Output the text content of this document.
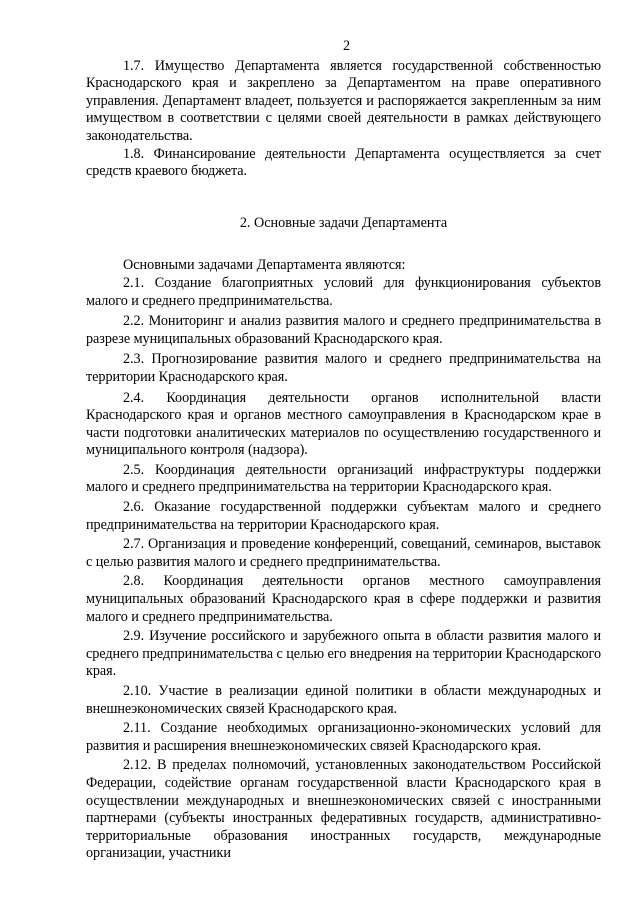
2

1.7. Имущество Департамента является государственной собственностью Краснодарского края и закреплено за Департаментом на праве оперативного управления. Департамент владеет, пользуется и распоряжается закрепленным за ним имуществом в соответствии с целями своей деятельности в рамках действующего законодательства.

1.8. Финансирование деятельности Департамента осуществляется за счет средств краевого бюджета.

2. Основные задачи Департамента

Основными задачами Департамента являются:

2.1. Создание благоприятных условий для функционирования субъектов малого и среднего предпринимательства.

2.2. Мониторинг и анализ развития малого и среднего предпринимательства в разрезе муниципальных образований Краснодарского края.

2.3. Прогнозирование развития малого и среднего предпринимательства на территории Краснодарского края.

2.4. Координация деятельности органов исполнительной власти Краснодарского края и органов местного самоуправления в Краснодарском крае в части подготовки аналитических материалов по осуществлению государственного и муниципального контроля (надзора).

2.5. Координация деятельности организаций инфраструктуры поддержки малого и среднего предпринимательства на территории Краснодарского края.

2.6. Оказание государственной поддержки субъектам малого и среднего предпринимательства на территории Краснодарского края.

2.7. Организация и проведение конференций, совещаний, семинаров, выставок с целью развития малого и среднего предпринимательства.

2.8. Координация деятельности органов местного самоуправления муниципальных образований Краснодарского края в сфере поддержки и развития малого и среднего предпринимательства.

2.9. Изучение российского и зарубежного опыта в области развития малого и среднего предпринимательства с целью его внедрения на территории Краснодарского края.

2.10. Участие в реализации единой политики в области международных и внешнеэкономических связей Краснодарского края.

2.11. Создание необходимых организационно-экономических условий для развития и расширения внешнеэкономических связей Краснодарского края.

2.12. В пределах полномочий, установленных законодательством Российской Федерации, содействие органам государственной власти Краснодарского края в осуществлении международных и внешнеэкономических связей с иностранными партнерами (субъекты иностранных федеративных государств, административно-территориальные образования иностранных государств, международные организации, участники
